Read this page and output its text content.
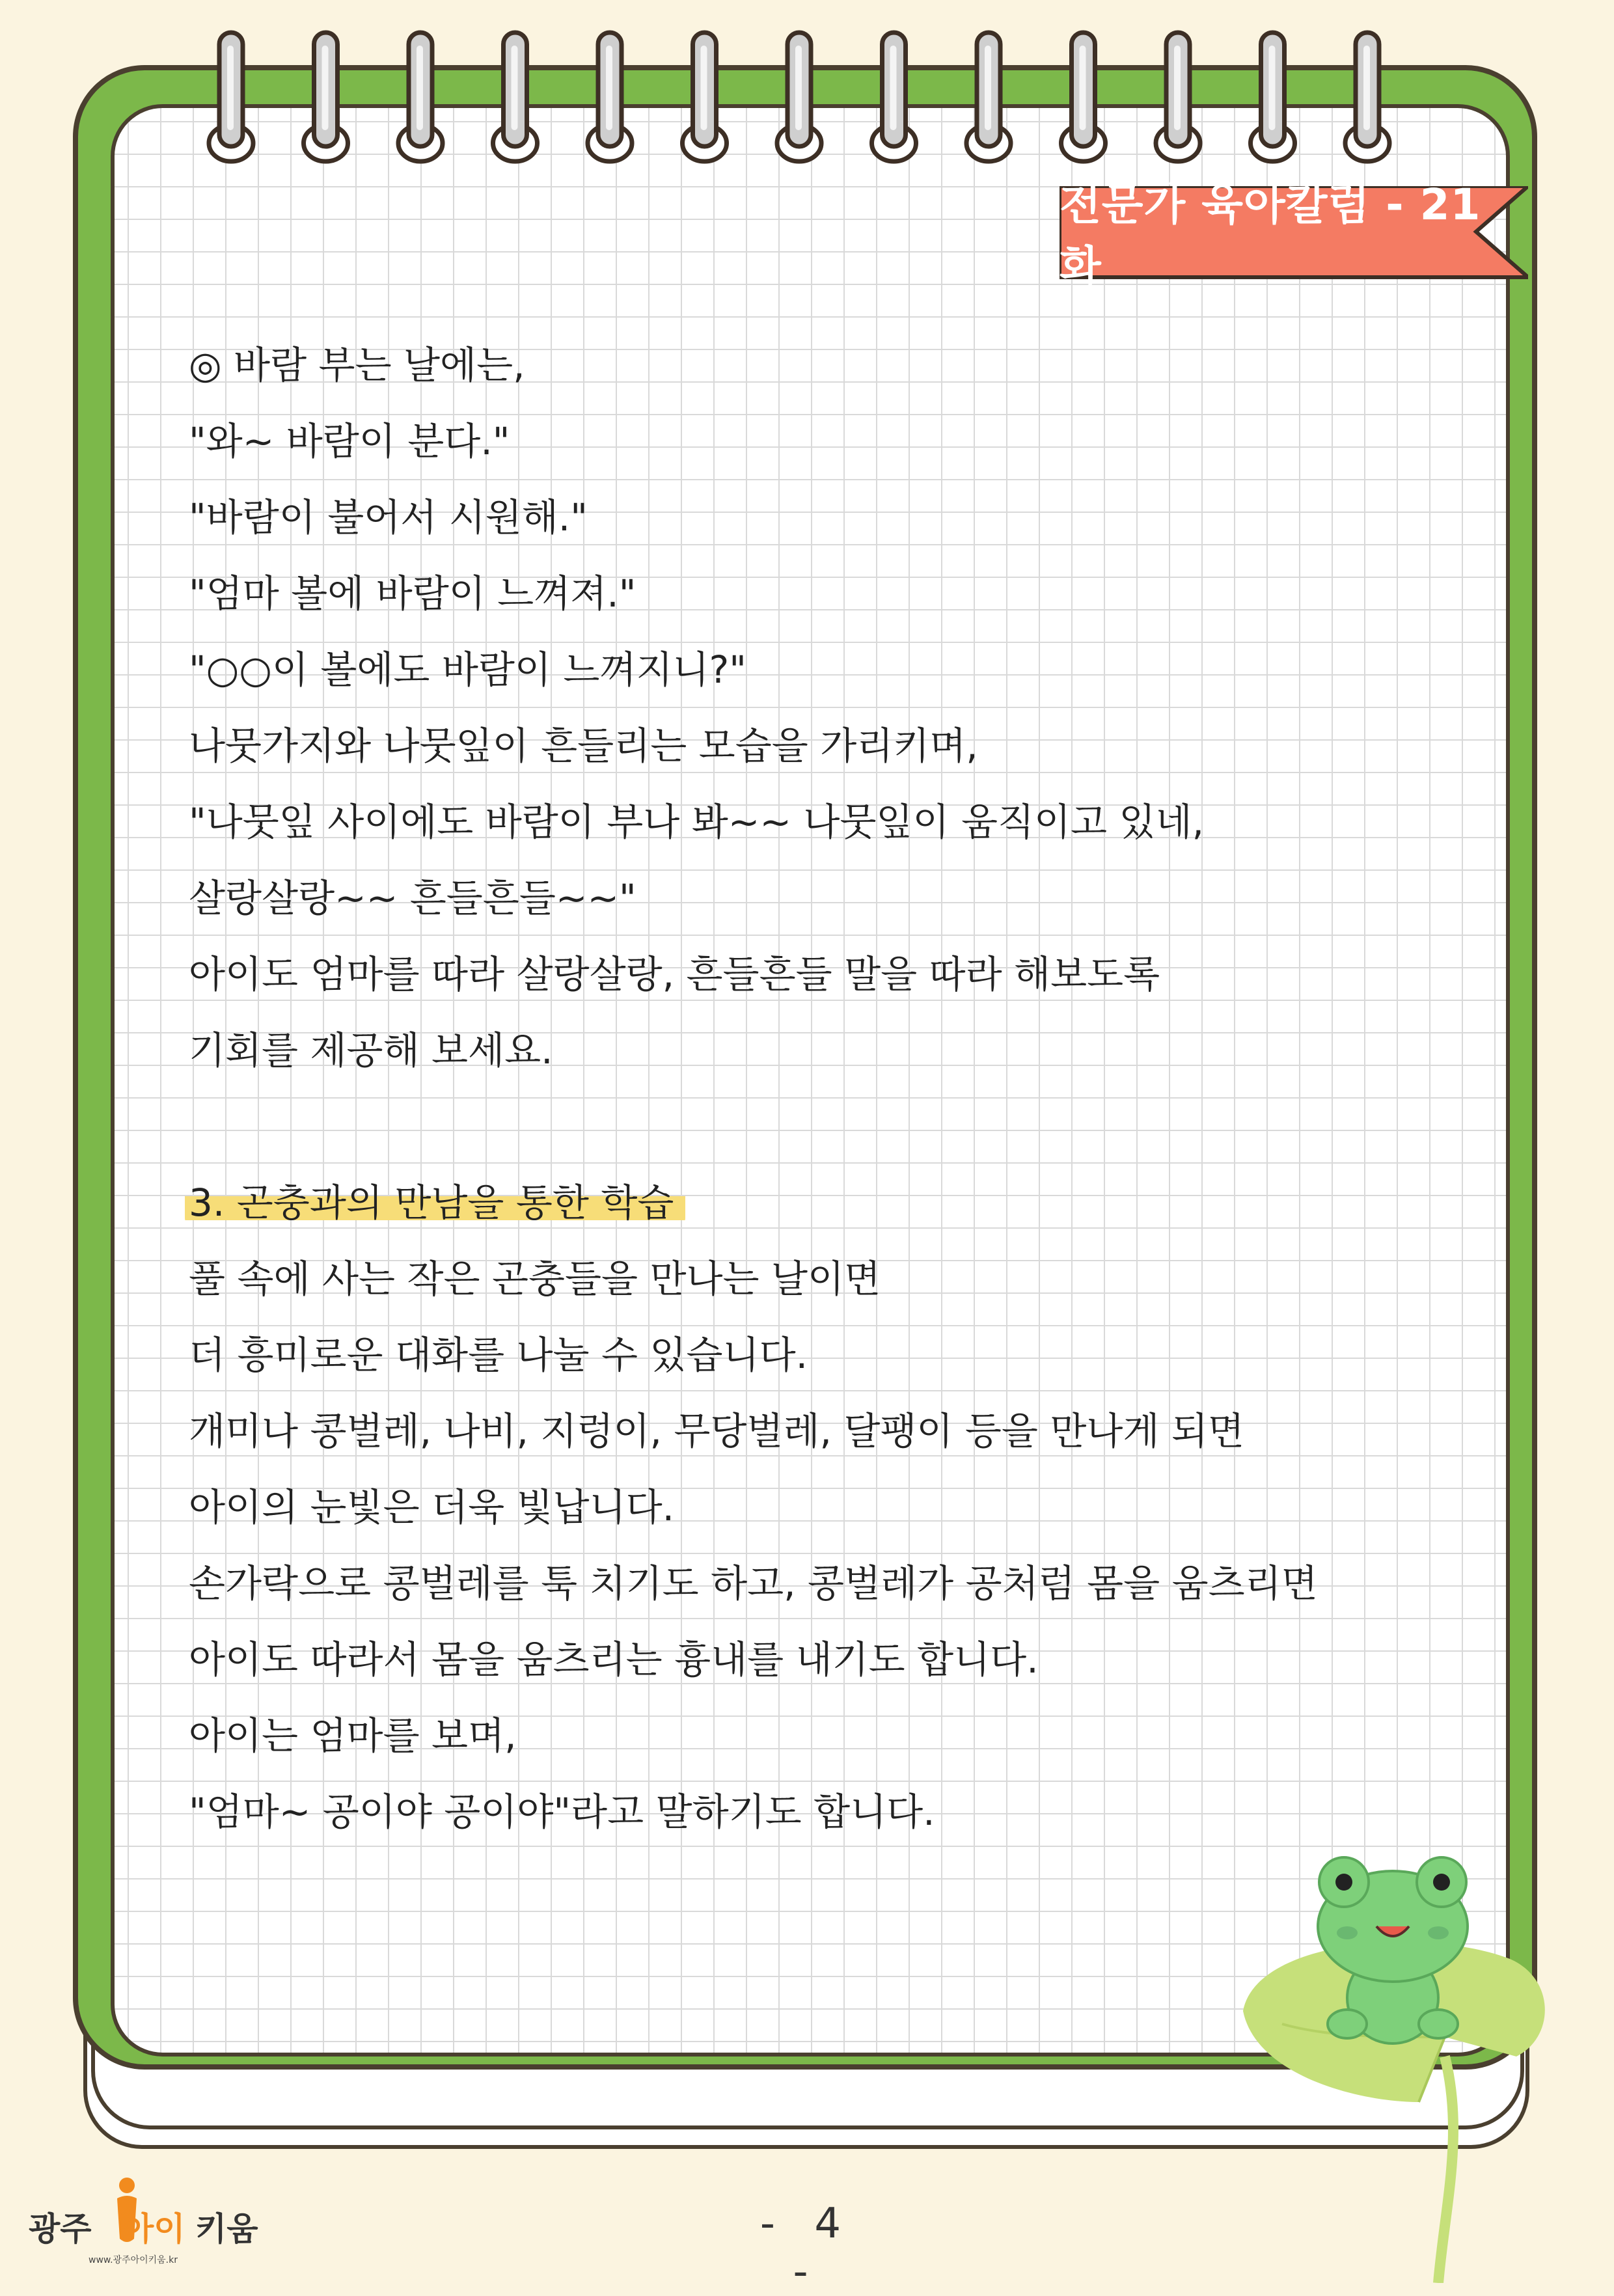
전문가 육아칼럼 - 21화
◎ 바람 부는 날에는,
"와~ 바람이 분다."
"바람이 불어서 시원해."
"엄마 볼에 바람이 느껴져."
"○○이 볼에도 바람이 느껴지니?"
나뭇가지와 나뭇잎이 흔들리는 모습을 가리키며,
"나뭇잎 사이에도 바람이 부나 봐~~ 나뭇잎이 움직이고 있네,
살랑살랑~~ 흔들흔들~~"
아이도 엄마를 따라 살랑살랑, 흔들흔들 말을 따라 해보도록
기회를 제공해 보세요.
3. 곤충과의 만남을 통한 학습
풀 속에 사는 작은 곤충들을 만나는 날이면
더 흥미로운 대화를 나눌 수 있습니다.
개미나 콩벌레, 나비, 지렁이, 무당벌레, 달팽이 등을 만나게 되면
아이의 눈빛은 더욱 빛납니다.
손가락으로 콩벌레를 툭 치기도 하고, 콩벌레가 공처럼 몸을 움츠리면
아이도 따라서 몸을 움츠리는 흉내를 내기도 합니다.
아이는 엄마를 보며,
"엄마~ 공이야 공이야"라고 말하기도 합니다.
광주 아이 키움
www.광주아이키움.kr
- 4 -
